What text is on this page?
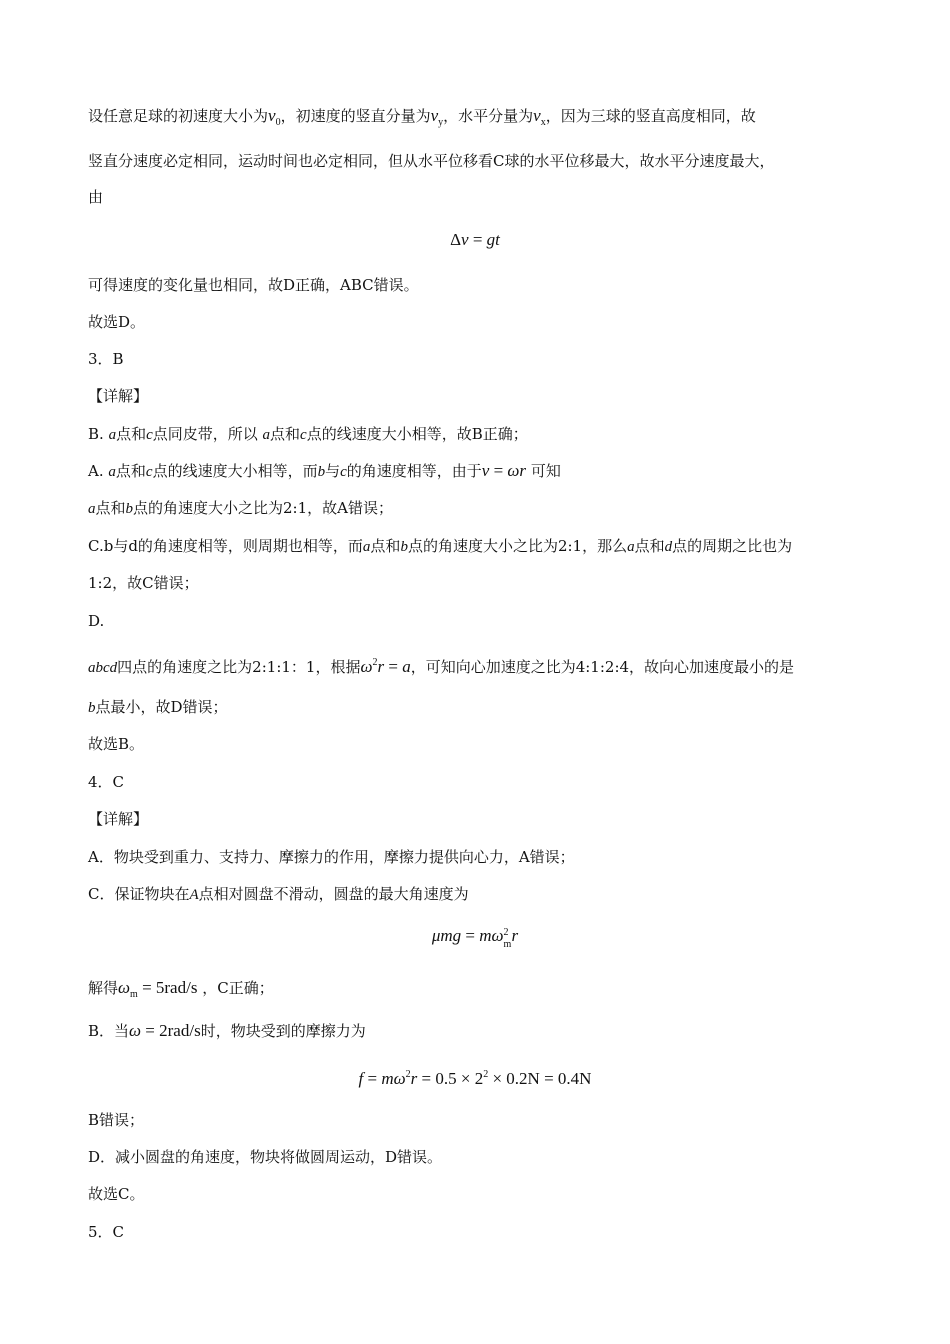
设任意足球的初速度大小为$v_0$，初速度的竖直分量为$v_y$，水平分量为$v_x$，因为三球的竖直高度相同，故
竖直分速度必定相同，运动时间也必定相同，但从水平位移看C球的水平位移最大，故水平分速度最大，
由
Δv = gt
可得速度的变化量也相同，故D正确，ABC错误。
故选D。
3．B
【详解】
B. a点和c点同皮带，所以 a点和c点的线速度大小相等，故B正确；
A. a点和c点的线速度大小相等，而b与c的角速度相等，由于v = ωr 可知
a点和b点的角速度大小之比为2:1，故A错误；
C.b与d的角速度相等，则周期也相等，而a点和b点的角速度大小之比为2:1，那么a点和d点的周期之比也为
1:2，故C错误；
D.
abcd四点的角速度之比为2:1:1：1，根据$\omega^2r = a$，可知向心加速度之比为4:1:2:4，故向心加速度最小的是
b点最小，故D错误；
故选B。
4．C
【详解】
A．物块受到重力、支持力、摩擦力的作用，摩擦力提供向心力，A错误；
C．保证物块在A点相对圆盘不滑动，圆盘的最大角速度为
μmg = mω 2
m r
解得$\omega_m = 5rad/s$ ，C正确；
B．当ω = 2rad/s时，物块受到的摩擦力为
$f = m\omega^2r = 0.5 \times 2^2 \times 0.2N = 0.4N$
B错误；
D．减小圆盘的角速度，物块将做圆周运动，D错误。
故选C。
5．C
